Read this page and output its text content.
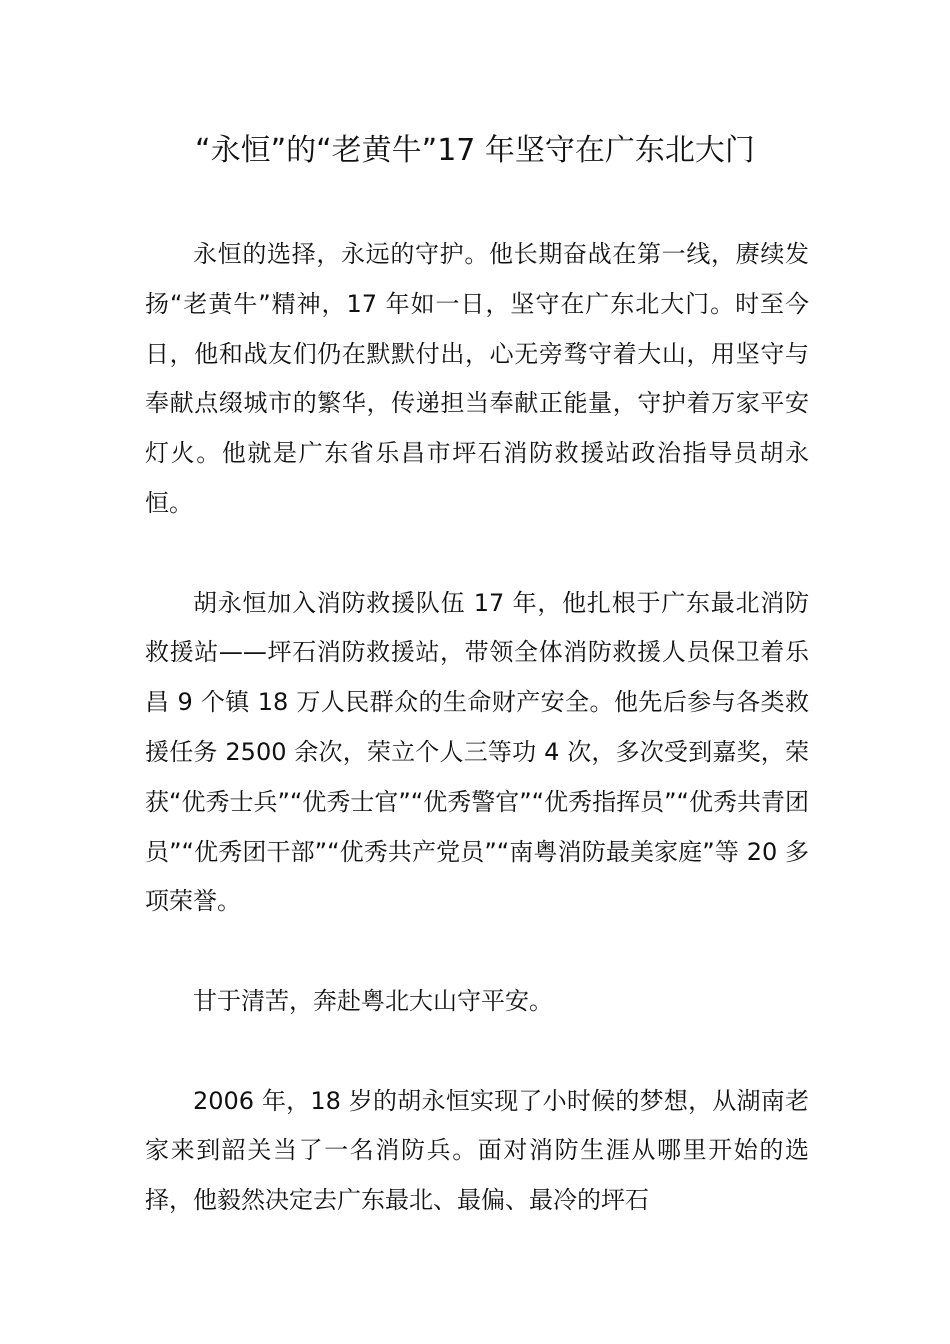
“永恒”的“老黄牛”17 年坚守在广东北大门

永恒的选择，永远的守护。他长期奋战在第一线，赓续发扬“老黄牛”精神，17 年如一日，坚守在广东北大门。时至今日，他和战友们仍在默默付出，心无旁骛守着大山，用坚守与奉献点缀城市的繁华，传递担当奉献正能量，守护着万家平安灯火。他就是广东省乐昌市坪石消防救援站政治指导员胡永恒。

胡永恒加入消防救援队伍 17 年，他扎根于广东最北消防救援站——坪石消防救援站，带领全体消防救援人员保卫着乐昌 9 个镇 18 万人民群众的生命财产安全。他先后参与各类救援任务 2500 余次，荣立个人三等功 4 次，多次受到嘉奖，荣获“优秀士兵”“优秀士官”“优秀警官”“优秀指挥员”“优秀共青团员”“优秀团干部”“优秀共产党员”“南粤消防最美家庭”等 20 多项荣誉。

甘于清苦，奔赴粤北大山守平安。

2006 年，18 岁的胡永恒实现了小时候的梦想，从湖南老家来到韶关当了一名消防兵。面对消防生涯从哪里开始的选择，他毅然决定去广东最北、最偏、最冷的坪石
